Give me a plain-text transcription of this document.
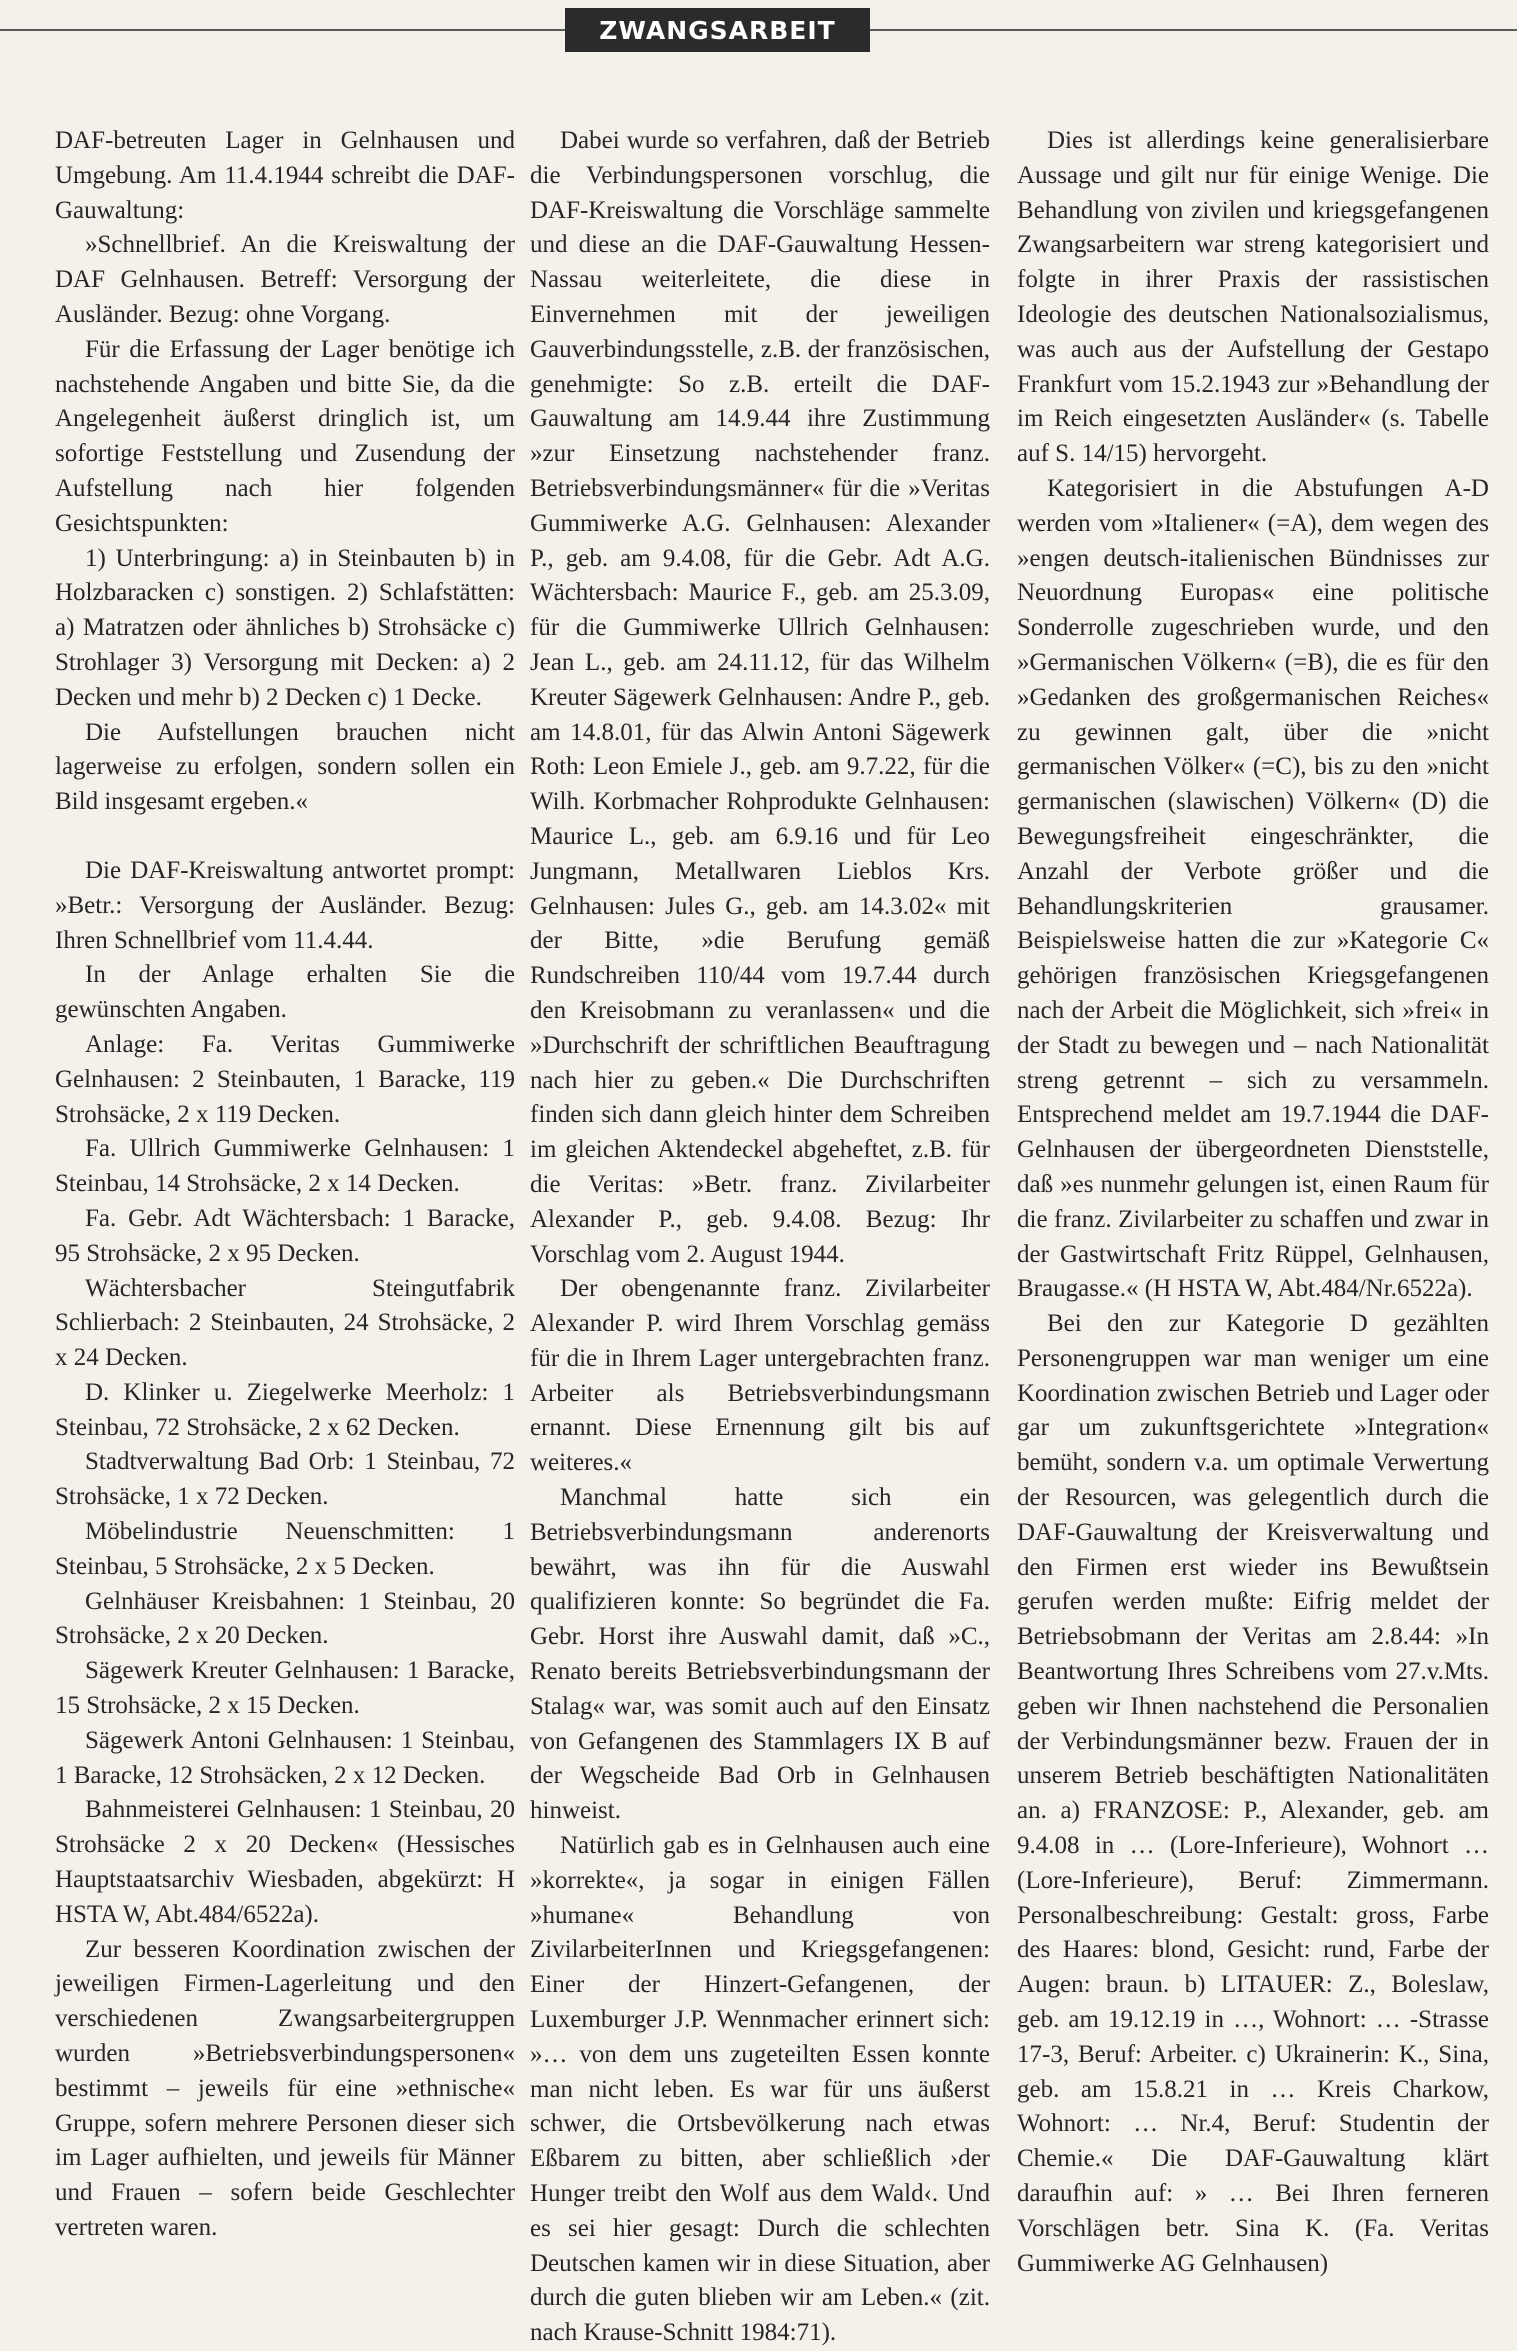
ZWANGSARBEIT

DAF-betreuten Lager in Gelnhausen und Umgebung. Am 11.4.1944 schreibt die DAF-Gauwaltung:

»Schnellbrief. An die Kreiswaltung der DAF Gelnhausen. Betreff: Versorgung der Ausländer. Bezug: ohne Vorgang.

Für die Erfassung der Lager benötige ich nachstehende Angaben und bitte Sie, da die Angelegenheit äußerst dringlich ist, um sofortige Feststellung und Zusendung der Aufstellung nach hier folgenden Gesichtspunkten:

1) Unterbringung: a) in Steinbauten b) in Holzbaracken c) sonstigen. 2) Schlafstätten: a) Matratzen oder ähnliches b) Strohsäcke c) Strohlager 3) Versorgung mit Decken: a) 2 Decken und mehr b) 2 Decken c) 1 Decke.

Die Aufstellungen brauchen nicht lagerweise zu erfolgen, sondern sollen ein Bild insgesamt ergeben.«

Die DAF-Kreiswaltung antwortet prompt: »Betr.: Versorgung der Ausländer. Bezug: Ihren Schnellbrief vom 11.4.44.

In der Anlage erhalten Sie die gewünschten Angaben.

Anlage: Fa. Veritas Gummiwerke Gelnhausen: 2 Steinbauten, 1 Baracke, 119 Strohsäcke, 2 x 119 Decken.

Fa. Ullrich Gummiwerke Gelnhausen: 1 Steinbau, 14 Strohsäcke, 2 x 14 Decken.

Fa. Gebr. Adt Wächtersbach: 1 Baracke, 95 Strohsäcke, 2 x 95 Decken.

Wächtersbacher Steingutfabrik Schlierbach: 2 Steinbauten, 24 Strohsäcke, 2 x 24 Decken.

D. Klinker u. Ziegelwerke Meerholz: 1 Steinbau, 72 Strohsäcke, 2 x 62 Decken.

Stadtverwaltung Bad Orb: 1 Steinbau, 72 Strohsäcke, 1 x 72 Decken.

Möbelindustrie Neuenschmitten: 1 Steinbau, 5 Strohsäcke, 2 x 5 Decken.

Gelnhäuser Kreisbahnen: 1 Steinbau, 20 Strohsäcke, 2 x 20 Decken.

Sägewerk Kreuter Gelnhausen: 1 Baracke, 15 Strohsäcke, 2 x 15 Decken.

Sägewerk Antoni Gelnhausen: 1 Steinbau, 1 Baracke, 12 Strohsäcken, 2 x 12 Decken.

Bahnmeisterei Gelnhausen: 1 Steinbau, 20 Strohsäcke 2 x 20 Decken« (Hessisches Hauptstaatsarchiv Wiesbaden, abgekürzt: H HSTA W, Abt.484/6522a).

Zur besseren Koordination zwischen der jeweiligen Firmen-Lagerleitung und den verschiedenen Zwangsarbeitergruppen wurden »Betriebsverbindungspersonen« bestimmt – jeweils für eine »ethnische« Gruppe, sofern mehrere Personen dieser sich im Lager aufhielten, und jeweils für Männer und Frauen – sofern beide Geschlechter vertreten waren.

Dabei wurde so verfahren, daß der Betrieb die Verbindungspersonen vorschlug, die DAF-Kreiswaltung die Vorschläge sammelte und diese an die DAF-Gauwaltung Hessen-Nassau weiterleitete, die diese in Einvernehmen mit der jeweiligen Gauverbindungsstelle, z.B. der französischen, genehmigte: So z.B. erteilt die DAF-Gauwaltung am 14.9.44 ihre Zustimmung »zur Einsetzung nachstehender franz. Betriebsverbindungsmänner« für die »Veritas Gummiwerke A.G. Gelnhausen: Alexander P., geb. am 9.4.08, für die Gebr. Adt A.G. Wächtersbach: Maurice F., geb. am 25.3.09, für die Gummiwerke Ullrich Gelnhausen: Jean L., geb. am 24.11.12, für das Wilhelm Kreuter Sägewerk Gelnhausen: Andre P., geb. am 14.8.01, für das Alwin Antoni Sägewerk Roth: Leon Emiele J., geb. am 9.7.22, für die Wilh. Korbmacher Rohprodukte Gelnhausen: Maurice L., geb. am 6.9.16 und für Leo Jungmann, Metallwaren Lieblos Krs. Gelnhausen: Jules G., geb. am 14.3.02« mit der Bitte, »die Berufung gemäß Rundschreiben 110/44 vom 19.7.44 durch den Kreisobmann zu veranlassen« und die »Durchschrift der schriftlichen Beauftragung nach hier zu geben.« Die Durchschriften finden sich dann gleich hinter dem Schreiben im gleichen Aktendeckel abgeheftet, z.B. für die Veritas: »Betr. franz. Zivilarbeiter Alexander P., geb. 9.4.08. Bezug: Ihr Vorschlag vom 2. August 1944.

Der obengenannte franz. Zivilarbeiter Alexander P. wird Ihrem Vorschlag gemäss für die in Ihrem Lager untergebrachten franz. Arbeiter als Betriebsverbindungsmann ernannt. Diese Ernennung gilt bis auf weiteres.«

Manchmal hatte sich ein Betriebsverbindungsmann anderenorts bewährt, was ihn für die Auswahl qualifizieren konnte: So begründet die Fa. Gebr. Horst ihre Auswahl damit, daß »C., Renato bereits Betriebsverbindungsmann der Stalag« war, was somit auch auf den Einsatz von Gefangenen des Stammlagers IX B auf der Wegscheide Bad Orb in Gelnhausen hinweist.

Natürlich gab es in Gelnhausen auch eine »korrekte«, ja sogar in einigen Fällen »humane« Behandlung von ZivilarbeiterInnen und Kriegsgefangenen: Einer der Hinzert-Gefangenen, der Luxemburger J.P. Wennmacher erinnert sich: »… von dem uns zugeteilten Essen konnte man nicht leben. Es war für uns äußerst schwer, die Ortsbevölkerung nach etwas Eßbarem zu bitten, aber schließlich ›der Hunger treibt den Wolf aus dem Wald‹. Und es sei hier gesagt: Durch die schlechten Deutschen kamen wir in diese Situation, aber durch die guten blieben wir am Leben.« (zit. nach Krause-Schnitt 1984:71).

Dies ist allerdings keine generalisierbare Aussage und gilt nur für einige Wenige. Die Behandlung von zivilen und kriegsgefangenen Zwangsarbeitern war streng kategorisiert und folgte in ihrer Praxis der rassistischen Ideologie des deutschen Nationalsozialismus, was auch aus der Aufstellung der Gestapo Frankfurt vom 15.2.1943 zur »Behandlung der im Reich eingesetzten Ausländer« (s. Tabelle auf S. 14/15) hervorgeht.

Kategorisiert in die Abstufungen A-D werden vom »Italiener« (=A), dem wegen des »engen deutsch-italienischen Bündnisses zur Neuordnung Europas« eine politische Sonderrolle zugeschrieben wurde, und den »Germanischen Völkern« (=B), die es für den »Gedanken des großgermanischen Reiches« zu gewinnen galt, über die »nicht germanischen Völker« (=C), bis zu den »nicht germanischen (slawischen) Völkern« (D) die Bewegungsfreiheit eingeschränkter, die Anzahl der Verbote größer und die Behandlungskriterien grausamer. Beispielsweise hatten die zur »Kategorie C« gehörigen französischen Kriegsgefangenen nach der Arbeit die Möglichkeit, sich »frei« in der Stadt zu bewegen und – nach Nationalität streng getrennt – sich zu versammeln. Entsprechend meldet am 19.7.1944 die DAF-Gelnhausen der übergeordneten Dienststelle, daß »es nunmehr gelungen ist, einen Raum für die franz. Zivilarbeiter zu schaffen und zwar in der Gastwirtschaft Fritz Rüppel, Gelnhausen, Braugasse.« (H HSTA W, Abt.484/Nr.6522a).

Bei den zur Kategorie D gezählten Personengruppen war man weniger um eine Koordination zwischen Betrieb und Lager oder gar um zukunftsgerichtete »Integration« bemüht, sondern v.a. um optimale Verwertung der Resourcen, was gelegentlich durch die DAF-Gauwaltung der Kreisverwaltung und den Firmen erst wieder ins Bewußtsein gerufen werden mußte: Eifrig meldet der Betriebsobmann der Veritas am 2.8.44: »In Beantwortung Ihres Schreibens vom 27.v.Mts. geben wir Ihnen nachstehend die Personalien der Verbindungsmänner bezw. Frauen der in unserem Betrieb beschäftigten Nationalitäten an. a) FRANZOSE: P., Alexander, geb. am 9.4.08 in … (Lore-Inferieure), Wohnort … (Lore-Inferieure), Beruf: Zimmermann. Personalbeschreibung: Gestalt: gross, Farbe des Haares: blond, Gesicht: rund, Farbe der Augen: braun. b) LITAUER: Z., Boleslaw, geb. am 19.12.19 in …, Wohnort: … -Strasse 17-3, Beruf: Arbeiter. c) Ukrainerin: K., Sina, geb. am 15.8.21 in … Kreis Charkow, Wohnort: … Nr.4, Beruf: Studentin der Chemie.« Die DAF-Gauwaltung klärt daraufhin auf: » … Bei Ihren ferneren Vorschlägen betr. Sina K. (Fa. Veritas Gummiwerke AG Gelnhausen)
